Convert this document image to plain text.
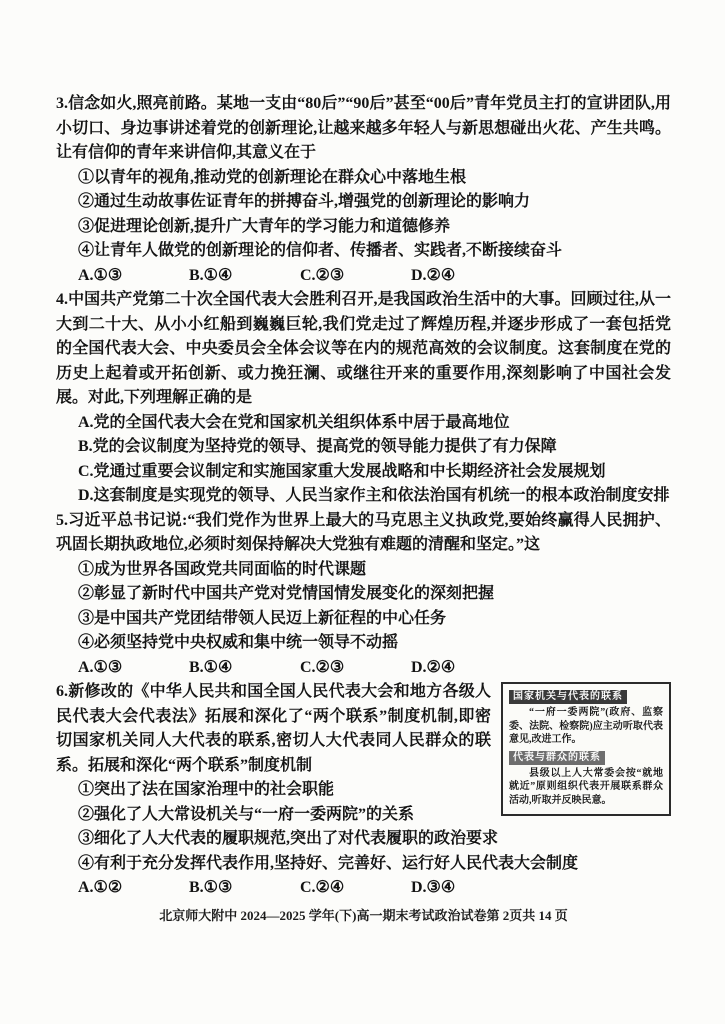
3.信念如火,照亮前路。某地一支由“80后”“90后”甚至“00后”青年党员主打的宣讲团队,用小切口、身边事讲述着党的创新理论,让越来越多年轻人与新思想碰出火花、产生共鸣。让有信仰的青年来讲信仰,其意义在于

①以青年的视角,推动党的创新理论在群众心中落地生根

②通过生动故事佐证青年的拼搏奋斗,增强党的创新理论的影响力

③促进理论创新,提升广大青年的学习能力和道德修养

④让青年人做党的创新理论的信仰者、传播者、实践者,不断接续奋斗

A.①③	B.①④	C.②③	D.②④

4.中国共产党第二十次全国代表大会胜利召开,是我国政治生活中的大事。回顾过往,从一大到二十大、从小小红船到巍巍巨轮,我们党走过了辉煌历程,并逐步形成了一套包括党的全国代表大会、中央委员会全体会议等在内的规范高效的会议制度。这套制度在党的历史上起着或开拓创新、或力挽狂澜、或继往开来的重要作用,深刻影响了中国社会发展。对此,下列理解正确的是

A.党的全国代表大会在党和国家机关组织体系中居于最高地位

B.党的会议制度为坚持党的领导、提高党的领导能力提供了有力保障

C.党通过重要会议制定和实施国家重大发展战略和中长期经济社会发展规划

D.这套制度是实现党的领导、人民当家作主和依法治国有机统一的根本政治制度安排

5.习近平总书记说:“我们党作为世界上最大的马克思主义执政党,要始终赢得人民拥护、巩固长期执政地位,必须时刻保持解决大党独有难题的清醒和坚定。”这

①成为世界各国政党共同面临的时代课题

②彰显了新时代中国共产党对党情国情发展变化的深刻把握

③是中国共产党团结带领人民迈上新征程的中心任务

④必须坚持党中央权威和集中统一领导不动摇

A.①③	B.①④	C.②③	D.②④
国家机关与代表的联系

“一府一委两院”(政府、监察委、法院、检察院)应主动听取代表意见,改进工作。

代表与群众的联系

县级以上人大常委会按“就地就近”原则组织代表开展联系群众活动,听取并反映民意。

6.新修改的《中华人民共和国全国人民代表大会和地方各级人民代表大会代表法》拓展和深化了“两个联系”制度机制,即密切国家机关同人大代表的联系,密切人大代表同人民群众的联系。拓展和深化“两个联系”制度机制

①突出了法在国家治理中的社会职能

②强化了人大常设机关与“一府一委两院”的关系

③细化了人大代表的履职规范,突出了对代表履职的政治要求

④有利于充分发挥代表作用,坚持好、完善好、运行好人民代表大会制度

A.①②	B.①③	C.②④	D.③④
北京师大附中 2024—2025 学年(下)高一期末考试政治试卷第 2页共 14 页
